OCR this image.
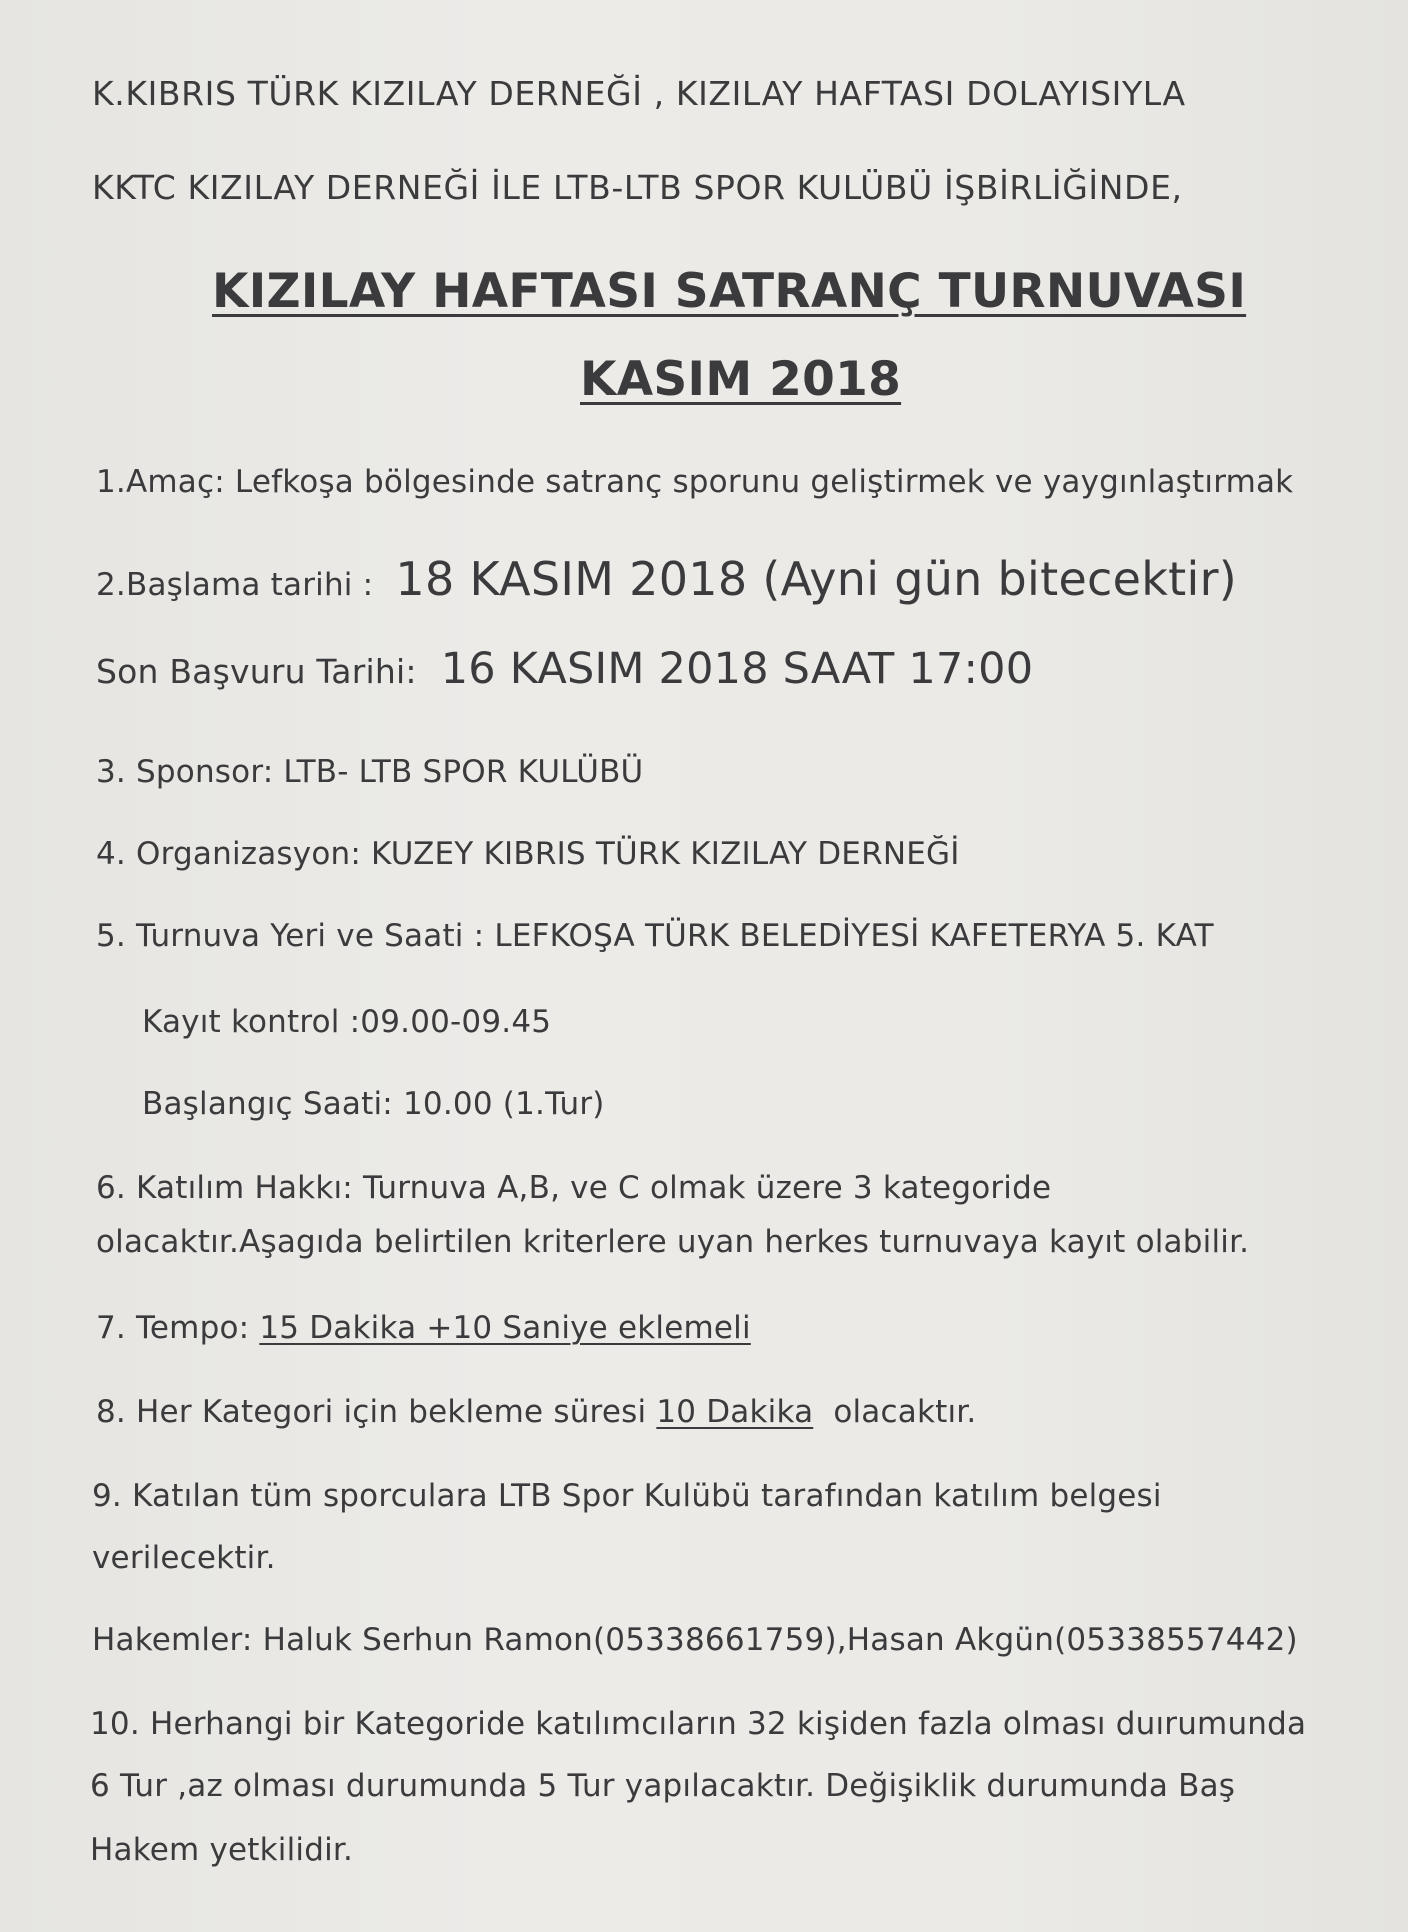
K.KIBRIS TÜRK KIZILAY DERNEĞİ , KIZILAY HAFTASI DOLAYISIYLA
KKTC KIZILAY DERNEĞİ İLE LTB-LTB SPOR KULÜBÜ İŞBİRLİĞİNDE,
KIZILAY HAFTASI SATRANÇ TURNUVASI
KASIM 2018
1.Amaç: Lefkoşa bölgesinde satranç sporunu geliştirmek ve yaygınlaştırmak
2.Başlama tarihi : 18 KASIM 2018 (Ayni gün bitecektir)
Son Başvuru Tarihi: 16 KASIM 2018 SAAT 17:00
3. Sponsor: LTB- LTB SPOR KULÜBÜ
4. Organizasyon: KUZEY KIBRIS TÜRK KIZILAY DERNEĞİ
5. Turnuva Yeri ve Saati : LEFKOŞA TÜRK BELEDİYESİ KAFETERYA 5. KAT
Kayıt kontrol :09.00-09.45
Başlangıç Saati: 10.00 (1.Tur)
6. Katılım Hakkı: Turnuva A,B, ve C olmak üzere 3 kategoride
olacaktır.Aşagıda belirtilen kriterlere uyan herkes turnuvaya kayıt olabilir.
7. Tempo: 15 Dakika +10 Saniye eklemeli
8. Her Kategori için bekleme süresi 10 Dakika olacaktır.
9. Katılan tüm sporculara LTB Spor Kulübü tarafından katılım belgesi
verilecektir.
Hakemler: Haluk Serhun Ramon(05338661759),Hasan Akgün(05338557442)
10. Herhangi bir Kategoride katılımcıların 32 kişiden fazla olması duırumunda
6 Tur ,az olması durumunda 5 Tur yapılacaktır. Değişiklik durumunda Baş
Hakem yetkilidir.
